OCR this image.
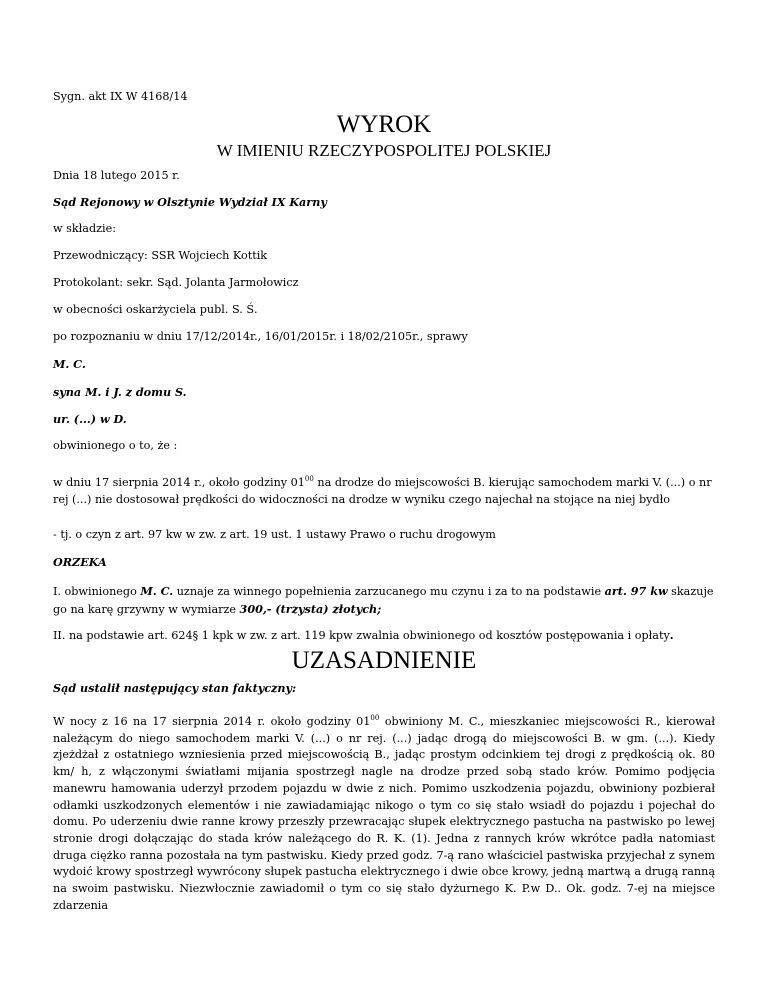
Sygn. akt IX W 4168/14

WYROK
W IMIENIU RZECZYPOSPOLITEJ POLSKIEJ

Dnia 18 lutego 2015 r.

Sąd Rejonowy w Olsztynie Wydział IX Karny

w składzie:

Przewodniczący: SSR Wojciech Kottik

Protokolant: sekr. Sąd. Jolanta Jarmołowicz

w obecności oskarżyciela publ. S. Ś.

po rozpoznaniu w dniu 17/12/2014r., 16/01/2015r. i 18/02/2105r., sprawy

M. C.

syna M. i J. z domu S.

ur. (...) w D.

obwinionego o to, że :

w dniu 17 sierpnia 2014 r., około godziny $01^{00}$ na drodze do miejscowości B. kierując samochodem marki V. (...) o nr rej (...) nie dostosował prędkości do widoczności na drodze w wyniku czego najechał na stojące na niej bydło

- tj. o czyn z art. 97 kw w zw. z art. 19 ust. 1 ustawy Prawo o ruchu drogowym

ORZEKA

I. obwinionego M. C. uznaje za winnego popełnienia zarzucanego mu czynu i za to na podstawie art. 97 kw skazuje go na karę grzywny w wymiarze 300,- (trzysta) złotych;

II. na podstawie art. 624§ 1 kpk w zw. z art. 119 kpw zwalnia obwinionego od kosztów postępowania i opłaty.

UZASADNIENIE

Sąd ustalił następujący stan faktyczny:

W nocy z 16 na 17 sierpnia 2014 r. około godziny $01^{00}$ obwiniony M. C., mieszkaniec miejscowości R., kierował należącym do niego samochodem marki V. (...) o nr rej. (...) jadąc drogą do miejscowości B. w gm. (...). Kiedy zjeżdżał z ostatniego wzniesienia przed miejscowością B., jadąc prostym odcinkiem tej drogi z prędkością ok. 80 km/ h, z włączonymi światłami mijania spostrzegł nagle na drodze przed sobą stado krów. Pomimo podjęcia manewru hamowania uderzył przodem pojazdu w dwie z nich. Pomimo uszkodzenia pojazdu, obwiniony pozbierał odłamki uszkodzonych elementów i nie zawiadamiając nikogo o tym co się stało wsiadł do pojazdu i pojechał do domu. Po uderzeniu dwie ranne krowy przeszły przewracając słupek elektrycznego pastucha na pastwisko po lewej stronie drogi dołączając do stada krów należącego do R. K. (1). Jedna z rannych krów wkrótce padła natomiast druga ciężko ranna pozostała na tym pastwisku. Kiedy przed godz. 7-ą rano właściciel pastwiska przyjechał z synem wydoić krowy spostrzegł wywrócony słupek pastucha elektrycznego i dwie obce krowy, jedną martwą a drugą ranną na swoim pastwisku. Niezwłocznie zawiadomił o tym co się stało dyżurnego K. P.w D.. Ok. godz. 7-ej na miejsce zdarzenia
